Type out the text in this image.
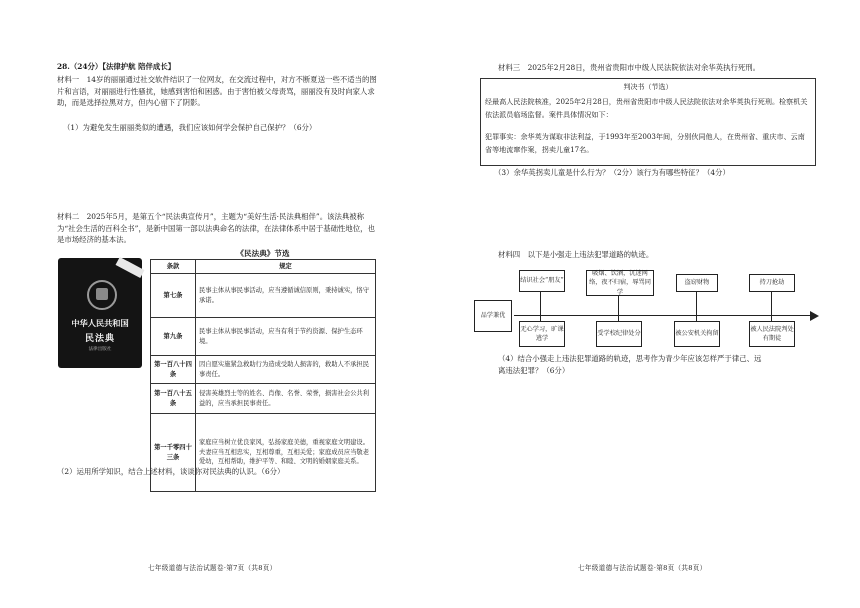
28.（24分）【法律护航 陪伴成长】
材料一　14岁的丽丽通过社交软件结识了一位网友，在交流过程中，对方不断夏送一些不适当的图片和言语，对丽丽进行性骚扰，她感到害怕和困惑。由于害怕被父母责骂，丽丽没有及时向家人求助，而是选择拉黑对方，但内心留下了阴影。
（1）为避免发生丽丽类似的遭遇，我们应该如何学会保护自己保护？（6分）
材料二　2025年5月，是第五个“民法典宣传月”，主题为“美好生活·民法典相伴”。该法典被称为“社会生活的百科全书”，是新中国第一部以法典命名的法律，在法律体系中居于基础性地位，也是市场经济的基本法。
中华人民共和国
民法典
法律出版社
《民法典》节选
条款	规定
第七条	民事主体从事民事活动，应当遵循诚信原则，秉持诚实，恪守承诺。
第九条	民事主体从事民事活动，应当有利于节约资源、保护生态环境。
第一百八十四条	因自愿实施紧急救助行为造成受助人损害的，救助人不承担民事责任。
第一百八十五条	侵害英雄烈士等的姓名、肖像、名誉、荣誉，损害社会公共利益的，应当承担民事责任。
第一千零四十三条	家庭应当树立优良家风，弘扬家庭美德，重视家庭文明建设。夫妻应当互相忠实，互相尊重，互相关爱；家庭成员应当敬老爱幼，互相帮助，维护平等、和睦、文明的婚姻家庭关系。
（2）运用所学知识，结合上述材料，谈谈你对民法典的认识。（6分）
七年级道德与法治试题卷·第7页（共8页）
材料三　2025年2月28日，贵州省贵阳市中级人民法院依法对余华英执行死刑。
判决书（节选）
经最高人民法院核准，2025年2月28日，贵州省贵阳市中级人民法院依法对余华英执行死刑。检察机关依法派员临场监督。案件具体情况如下：
犯罪事实：余华英为谋取非法利益，于1993年至2003年间，分别伙同他人，在贵州省、重庆市、云南省等地流窜作案，拐卖儿童17名。
（3）余华英拐卖儿童是什么行为？（2分）该行为有哪些特征？（4分）
材料四　以下是小强走上违法犯罪道路的轨迹。
品学兼优
结识社会“朋友”
吸烟、饮酒，沉迷网络，夜不归宿，辱骂同学
盗窃财物	持刀抢劫
无心学习，旷课逃学
受学校纪律处分	被公安机关拘留
被人民法院判处有期徒
（4）结合小强走上违法犯罪道路的轨迹，思考作为青少年应该怎样严于律己、远离违法犯罪？（6分）
七年级道德与法治试题卷·第8页（共8页）
